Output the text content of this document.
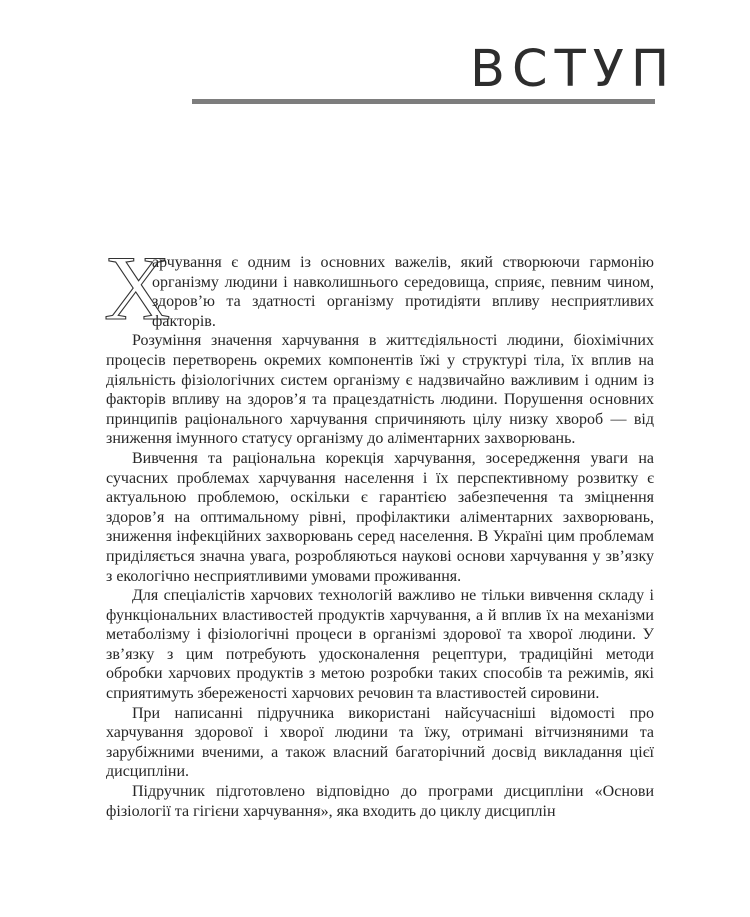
ВСТУП

Х
арчування є одним із основних важелів, який створюючи гармонію організму людини і навколишнього середовища, сприяє, певним чином, здоров’ю та здатності організму протидіяти впливу несприятливих факторів.

Розуміння значення харчування в життєдіяльності людини, біохімічних процесів перетворень окремих компонентів їжі у структурі тіла, їх вплив на діяльність фізіологічних систем організму є надзвичайно важливим і одним із факторів впливу на здоров’я та працездатність людини. Порушення основних принципів раціонального харчування спричиняють цілу низку хвороб — від зниження імунного статусу організму до аліментарних захворювань.

Вивчення та раціональна корекція харчування, зосередження уваги на сучасних проблемах харчування населення і їх перспективному розвитку є актуальною проблемою, оскільки є гарантією забезпечення та зміцнення здоров’я на оптимальному рівні, профілактики аліментарних захворювань, зниження інфекційних захворювань серед населення. В Україні цим проблемам приділяється значна увага, розробляються наукові основи харчування у зв’язку з екологічно несприятливими умовами проживання.

Для спеціалістів харчових технологій важливо не тільки вивчення складу і функціональних властивостей продуктів харчування, а й вплив їх на механізми метаболізму і фізіологічні процеси в організмі здорової та хворої людини. У зв’язку з цим потребують удосконалення рецептури, традиційні методи обробки харчових продуктів з метою розробки таких способів та режимів, які сприятимуть збереженості харчових речовин та властивостей сировини.

При написанні підручника використані найсучасніші відомості про харчування здорової і хворої людини та їжу, отримані вітчизняними та зарубіжними вченими, а також власний багаторічний досвід викладання цієї дисципліни.

Підручник підготовлено відповідно до програми дисципліни «Основи фізіології та гігієни харчування», яка входить до циклу дисциплін
